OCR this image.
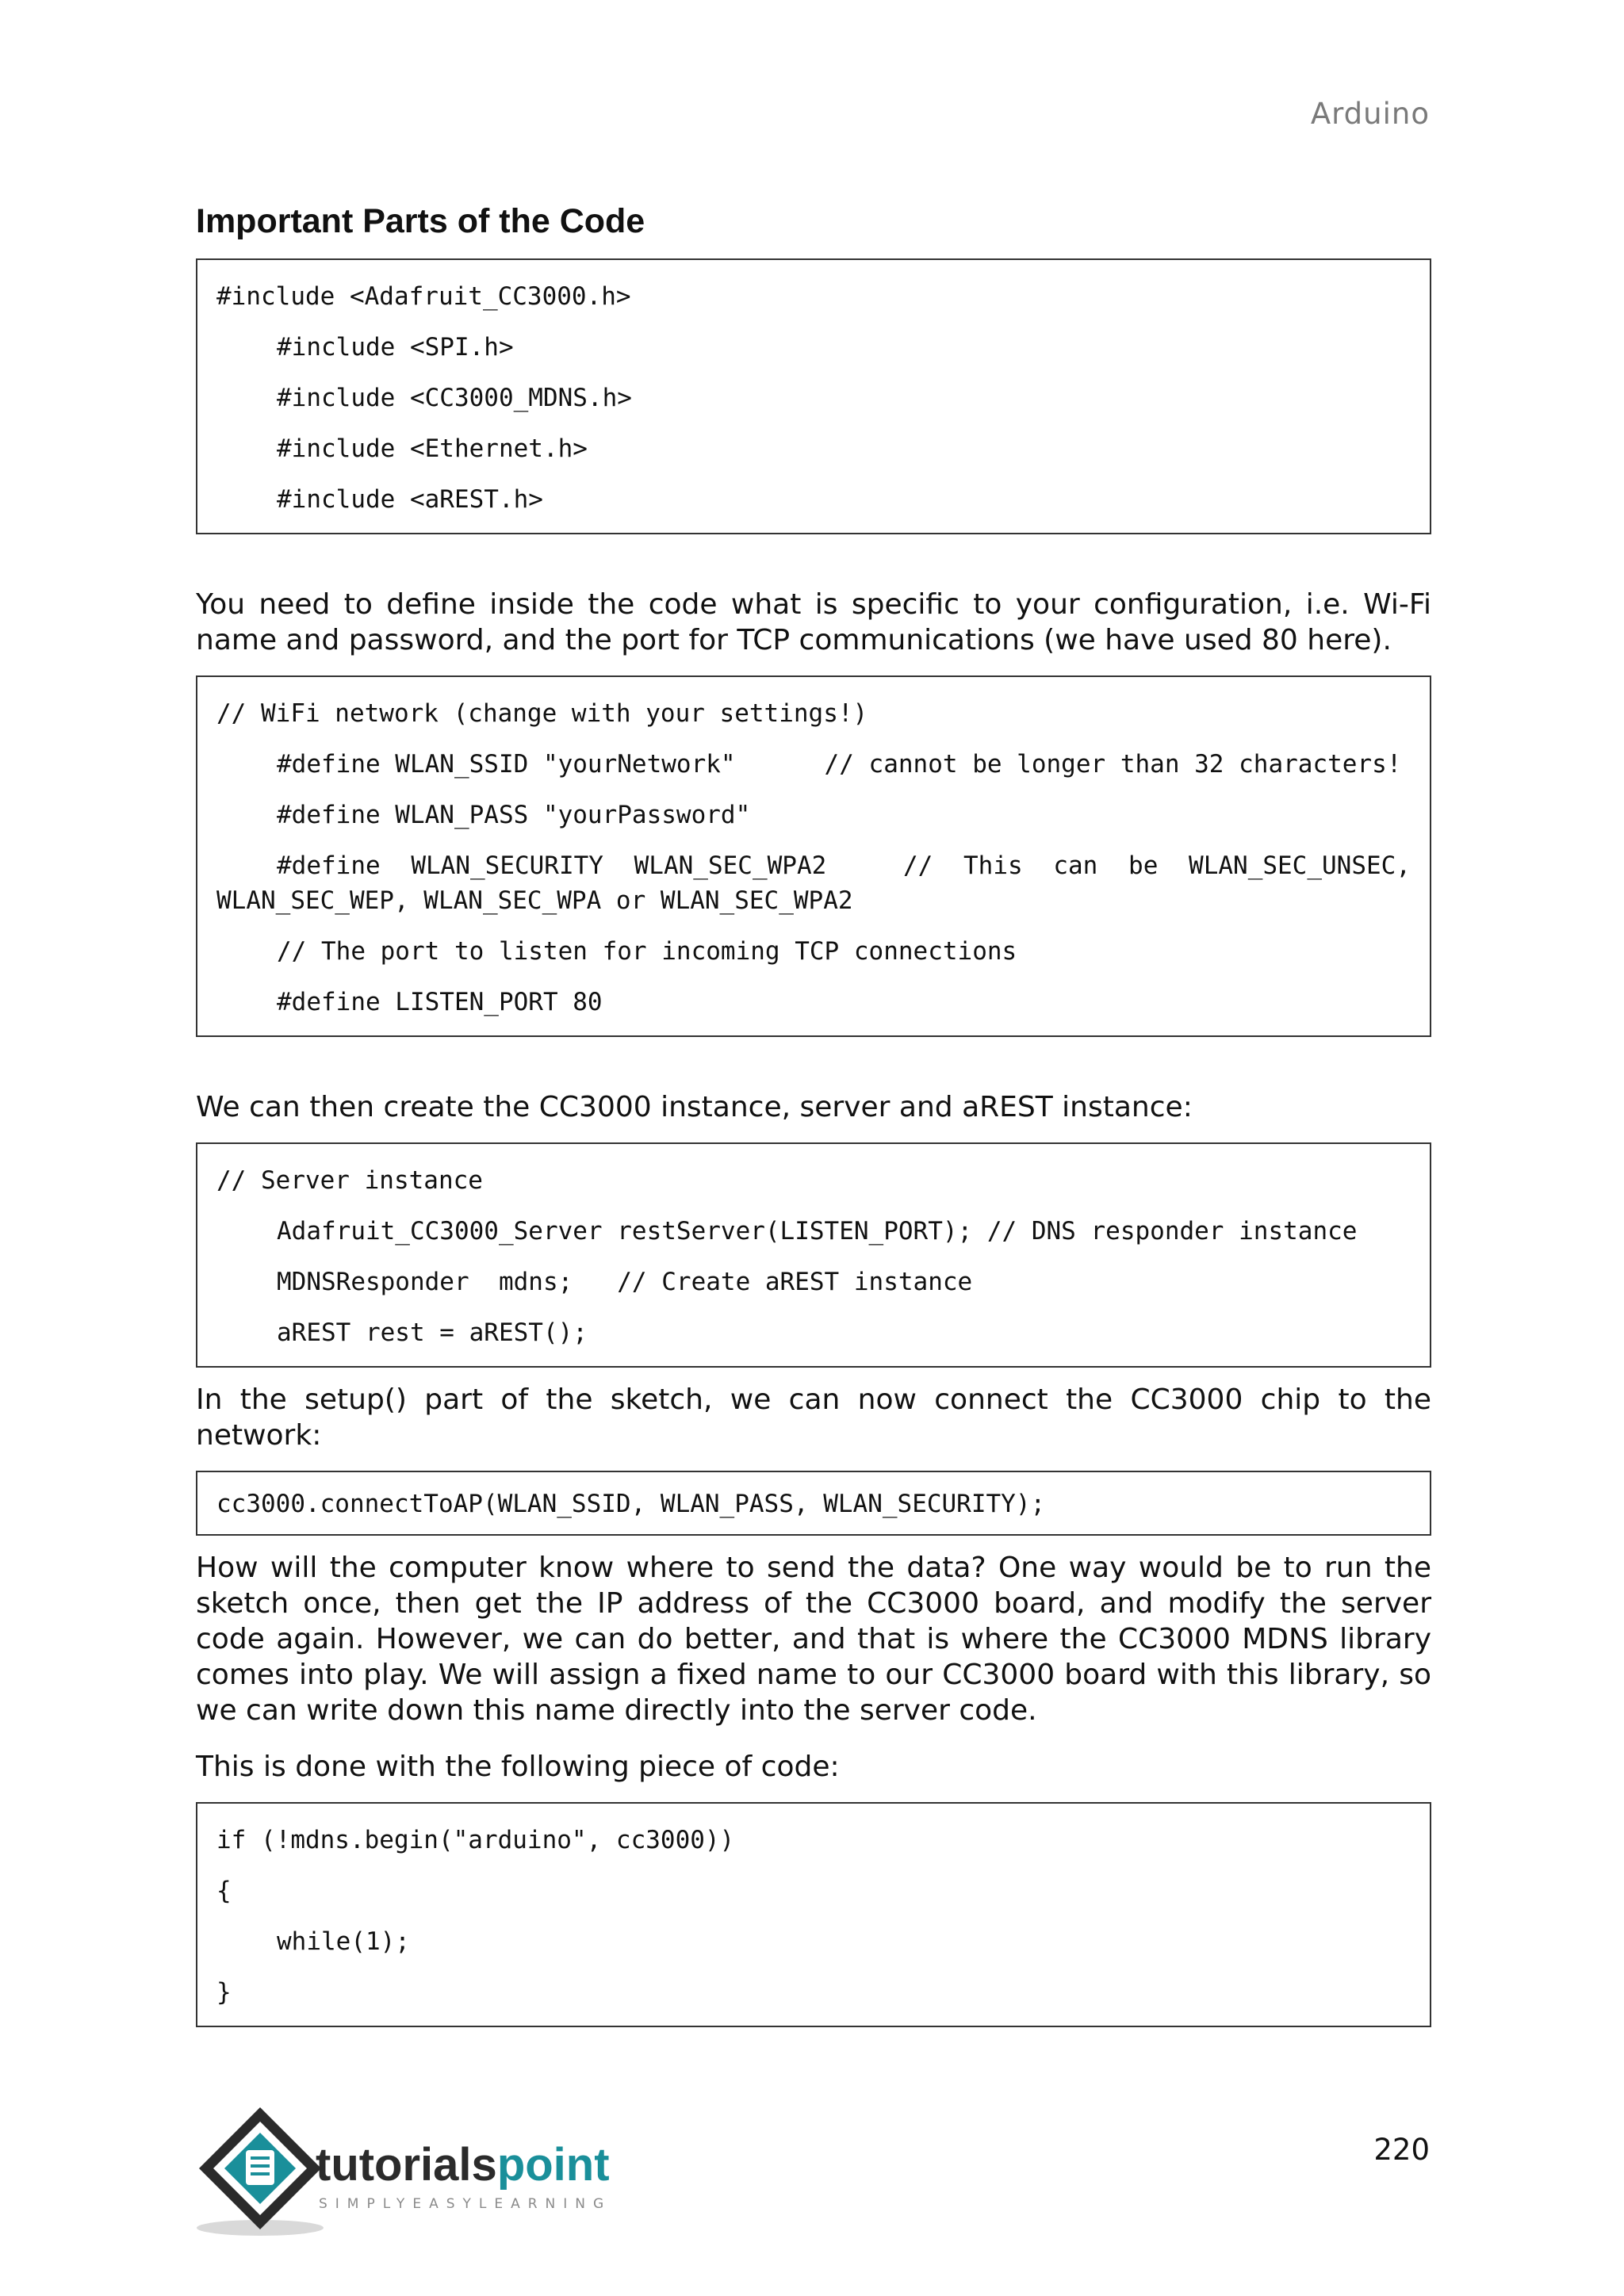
Arduino
Important Parts of the Code
#include <Adafruit_CC3000.h>
#include <SPI.h>
#include <CC3000_MDNS.h>
#include <Ethernet.h>
#include <aREST.h>

You need to define inside the code what is specific to your configuration, i.e. Wi-Fi name and password, and the port for TCP communications (we have used 80 here).

// WiFi network (change with your settings!)
#define WLAN_SSID "yourNetwork"      // cannot be longer than 32 characters!
#define WLAN_PASS "yourPassword"
#define  WLAN_SECURITY  WLAN_SEC_WPA2     //  This  can  be  WLAN_SEC_UNSEC, WLAN_SEC_WEP, WLAN_SEC_WPA or WLAN_SEC_WPA2
// The port to listen for incoming TCP connections
#define LISTEN_PORT 80

We can then create the CC3000 instance, server and aREST instance:

// Server instance
Adafruit_CC3000_Server restServer(LISTEN_PORT); // DNS responder instance
MDNSResponder  mdns;   // Create aREST instance
aREST rest = aREST();

In the setup() part of the sketch, we can now connect the CC3000 chip to the network:

cc3000.connectToAP(WLAN_SSID, WLAN_PASS, WLAN_SECURITY);

How will the computer know where to send the data? One way would be to run the sketch once, then get the IP address of the CC3000 board, and modify the server code again. However, we can do better, and that is where the CC3000 MDNS library comes into play. We will assign a fixed name to our CC3000 board with this library, so we can write down this name directly into the server code.

This is done with the following piece of code:

if (!mdns.begin("arduino", cc3000))
{
while(1);
}
tutorialspoint
SIMPLYEASYLEARNING
220
